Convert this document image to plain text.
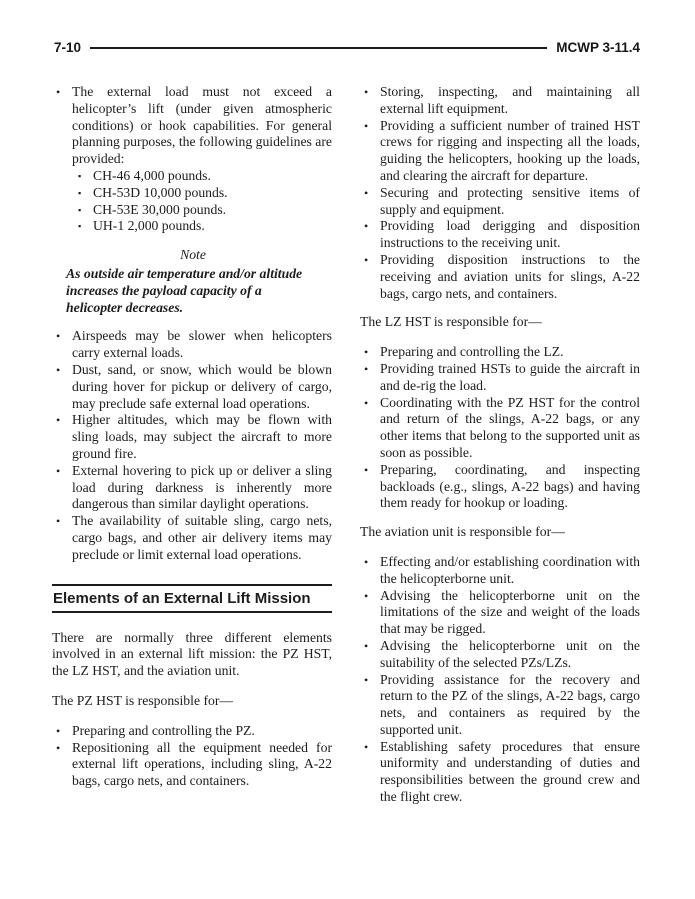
7-10	MCWP 3-11.4
• The external load must not exceed a helicopter’s lift (under given atmospheric conditions) or hook capabilities. For general planning purposes, the following guidelines are provided:
▪ CH-46 4,000 pounds.
▪ CH-53D 10,000 pounds.
▪ CH-53E 30,000 pounds.
▪ UH-1 2,000 pounds.
Note
As outside air temperature and/or altitude increases the payload capacity of a helicopter decreases.
• Airspeeds may be slower when helicopters carry external loads.
• Dust, sand, or snow, which would be blown during hover for pickup or delivery of cargo, may preclude safe external load operations.
• Higher altitudes, which may be flown with sling loads, may subject the aircraft to more ground fire.
• External hovering to pick up or deliver a sling load during darkness is inherently more dangerous than similar daylight operations.
• The availability of suitable sling, cargo nets, cargo bags, and other air delivery items may preclude or limit external load operations.
Elements of an External Lift Mission
There are normally three different elements involved in an external lift mission: the PZ HST, the LZ HST, and the aviation unit.
The PZ HST is responsible for—
• Preparing and controlling the PZ.
• Repositioning all the equipment needed for external lift operations, including sling, A-22 bags, cargo nets, and containers.
• Storing, inspecting, and maintaining all external lift equipment.
• Providing a sufficient number of trained HST crews for rigging and inspecting all the loads, guiding the helicopters, hooking up the loads, and clearing the aircraft for departure.
• Securing and protecting sensitive items of supply and equipment.
• Providing load derigging and disposition instructions to the receiving unit.
• Providing disposition instructions to the receiving and aviation units for slings, A-22 bags, cargo nets, and containers.
The LZ HST is responsible for—
• Preparing and controlling the LZ.
• Providing trained HSTs to guide the aircraft in and de-rig the load.
• Coordinating with the PZ HST for the control and return of the slings, A-22 bags, or any other items that belong to the supported unit as soon as possible.
• Preparing, coordinating, and inspecting backloads (e.g., slings, A-22 bags) and having them ready for hookup or loading.
The aviation unit is responsible for—
• Effecting and/or establishing coordination with the helicopterborne unit.
• Advising the helicopterborne unit on the limitations of the size and weight of the loads that may be rigged.
• Advising the helicopterborne unit on the suitability of the selected PZs/LZs.
• Providing assistance for the recovery and return to the PZ of the slings, A-22 bags, cargo nets, and containers as required by the supported unit.
• Establishing safety procedures that ensure uniformity and understanding of duties and responsibilities between the ground crew and the flight crew.
